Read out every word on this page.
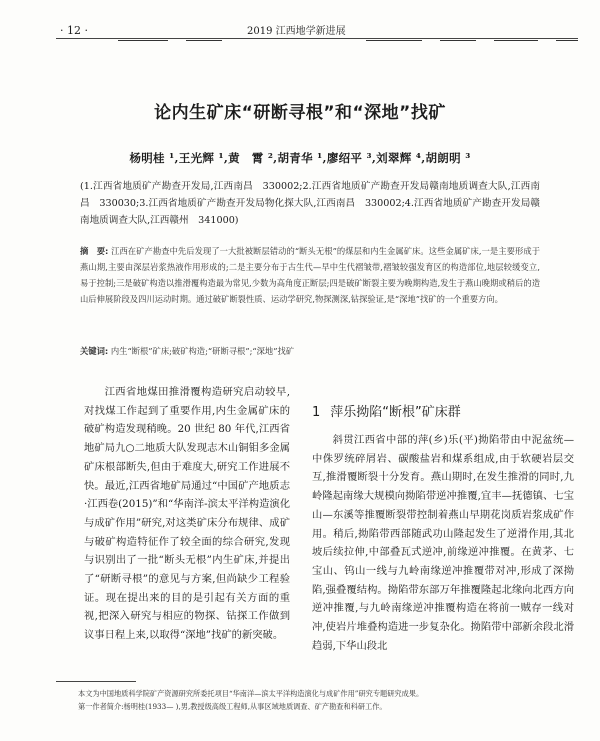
· 12 ·	2019 江西地学新进展
论内生矿床“研断寻根”和“深地”找矿
杨明桂 ¹,王光辉 ¹,黄　霄 ²,胡青华 ¹,廖绍平 ³,刘翠辉 ⁴,胡朗明 ³
(1.江西省地质矿产勘查开发局,江西南昌　330002;2.江西省地质矿产勘查开发局赣南地质调查大队,江西南昌　330030;3.江西省地质矿产勘查开发局物化探大队,江西南昌　330002;4.江西省地质矿产勘查开发局赣南地质调查大队,江西赣州　341000)
摘　要: 江西在矿产勘查中先后发现了一大批被断层错动的“断头无根”的煤层和内生金属矿床。这些金属矿床,一是主要形成于燕山期,主要由深层岩浆热液作用形成的;二是主要分布于古生代—早中生代褶皱带,褶皱较强发育区的构造部位,地层较缓变立,易于控制;三是破矿构造以推滑覆构造最为常见,少数为高角度正断层;四是破矿断裂主要为晚期构造,发生于燕山晚期或稍后的造山后伸展阶段及四川运动时期。通过破矿断裂性质、运动学研究,物探测深,钻探验证,是“深地”找矿的一个重要方向。
关键词: 内生“断根”矿床;破矿构造;“研断寻根”;“深地”找矿

江西省地煤田推滑覆构造研究启动较早,对找煤工作起到了重要作用,内生金属矿床的破矿构造发现稍晚。20 世纪 80 年代,江西省地矿局九○二地质大队发现志木山铜钼多金属矿床根部断失,但由于难度大,研究工作进展不快。最近,江西省地矿局通过“中国矿产地质志·江西卷(2015)”和“华南洋-滨太平洋构造演化与成矿作用”研究,对这类矿床分布规律、成矿与破矿构造特征作了较全面的综合研究,发现与识别出了一批“断头无根”内生矿床,并提出了“研断寻根”的意见与方案,但尚缺少工程验证。现在提出来的目的是引起有关方面的重视,把深入研究与相应的物探、钻探工作做到议事日程上来,以取得“深地”找矿的新突破。

1 萍乐拗陷“断根”矿床群

斜贯江西省中部的萍(乡)乐(平)拗陷带由中泥盆统—中侏罗统碎屑岩、碳酸盐岩和煤系组成,由于软硬岩层交互,推滑覆断裂十分发育。燕山期时,在发生推滑的同时,九岭隆起南缘大规模向拗陷带逆冲推覆,宜丰—抚德镇、七宝山—东溪等推覆断裂带控制着燕山早期花岗质岩浆成矿作用。稍后,拗陷带西部随武功山隆起发生了逆滑作用,其北坡后续拉伸,中部叠瓦式逆冲,前缘逆冲推覆。在黄茅、七宝山、钨山一线与九岭南缘逆冲推覆带对冲,形成了深拗陷,强叠覆结构。拗陷带东部万年推覆隆起北缘向北西方向逆冲推覆,与九岭南缘逆冲推覆构造在将前一贼存一线对冲,使岩片堆叠构造进一步复杂化。拗陷带中部新余段北滑趋弱,下华山段北

本文为中国地质科学院矿产资源研究所委托项目“华南洋—滨太平洋构造演化与成矿作用”研究专题研究成果。
第一作者简介:杨明桂(1933— ),男,教授级高级工程师,从事区域地质调查、矿产勘查和科研工作。
